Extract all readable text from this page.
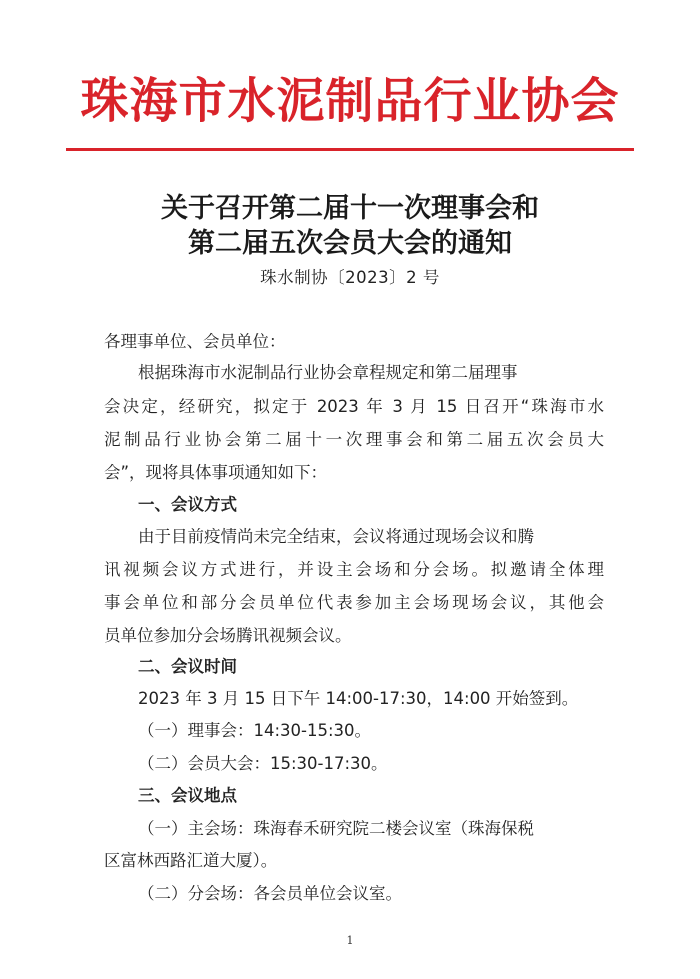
珠海市水泥制品行业协会
关于召开第二届十一次理事会和
第二届五次会员大会的通知
珠水制协〔2023〕2 号
各理事单位、会员单位：
根据珠海市水泥制品行业协会章程规定和第二届理事
会决定，经研究，拟定于 2023 年 3 月 15 日召开“珠海市水
泥制品行业协会第二届十一次理事会和第二届五次会员大
会”，现将具体事项通知如下：
一、会议方式
由于目前疫情尚未完全结束，会议将通过现场会议和腾
讯视频会议方式进行，并设主会场和分会场。拟邀请全体理
事会单位和部分会员单位代表参加主会场现场会议，其他会
员单位参加分会场腾讯视频会议。
二、会议时间
2023 年 3 月 15 日下午 14:00-17:30，14:00 开始签到。
（一）理事会：14:30-15:30。
（二）会员大会：15:30-17:30。
三、会议地点
（一）主会场：珠海春禾研究院二楼会议室（珠海保税
区富林西路汇道大厦）。
（二）分会场：各会员单位会议室。
1
